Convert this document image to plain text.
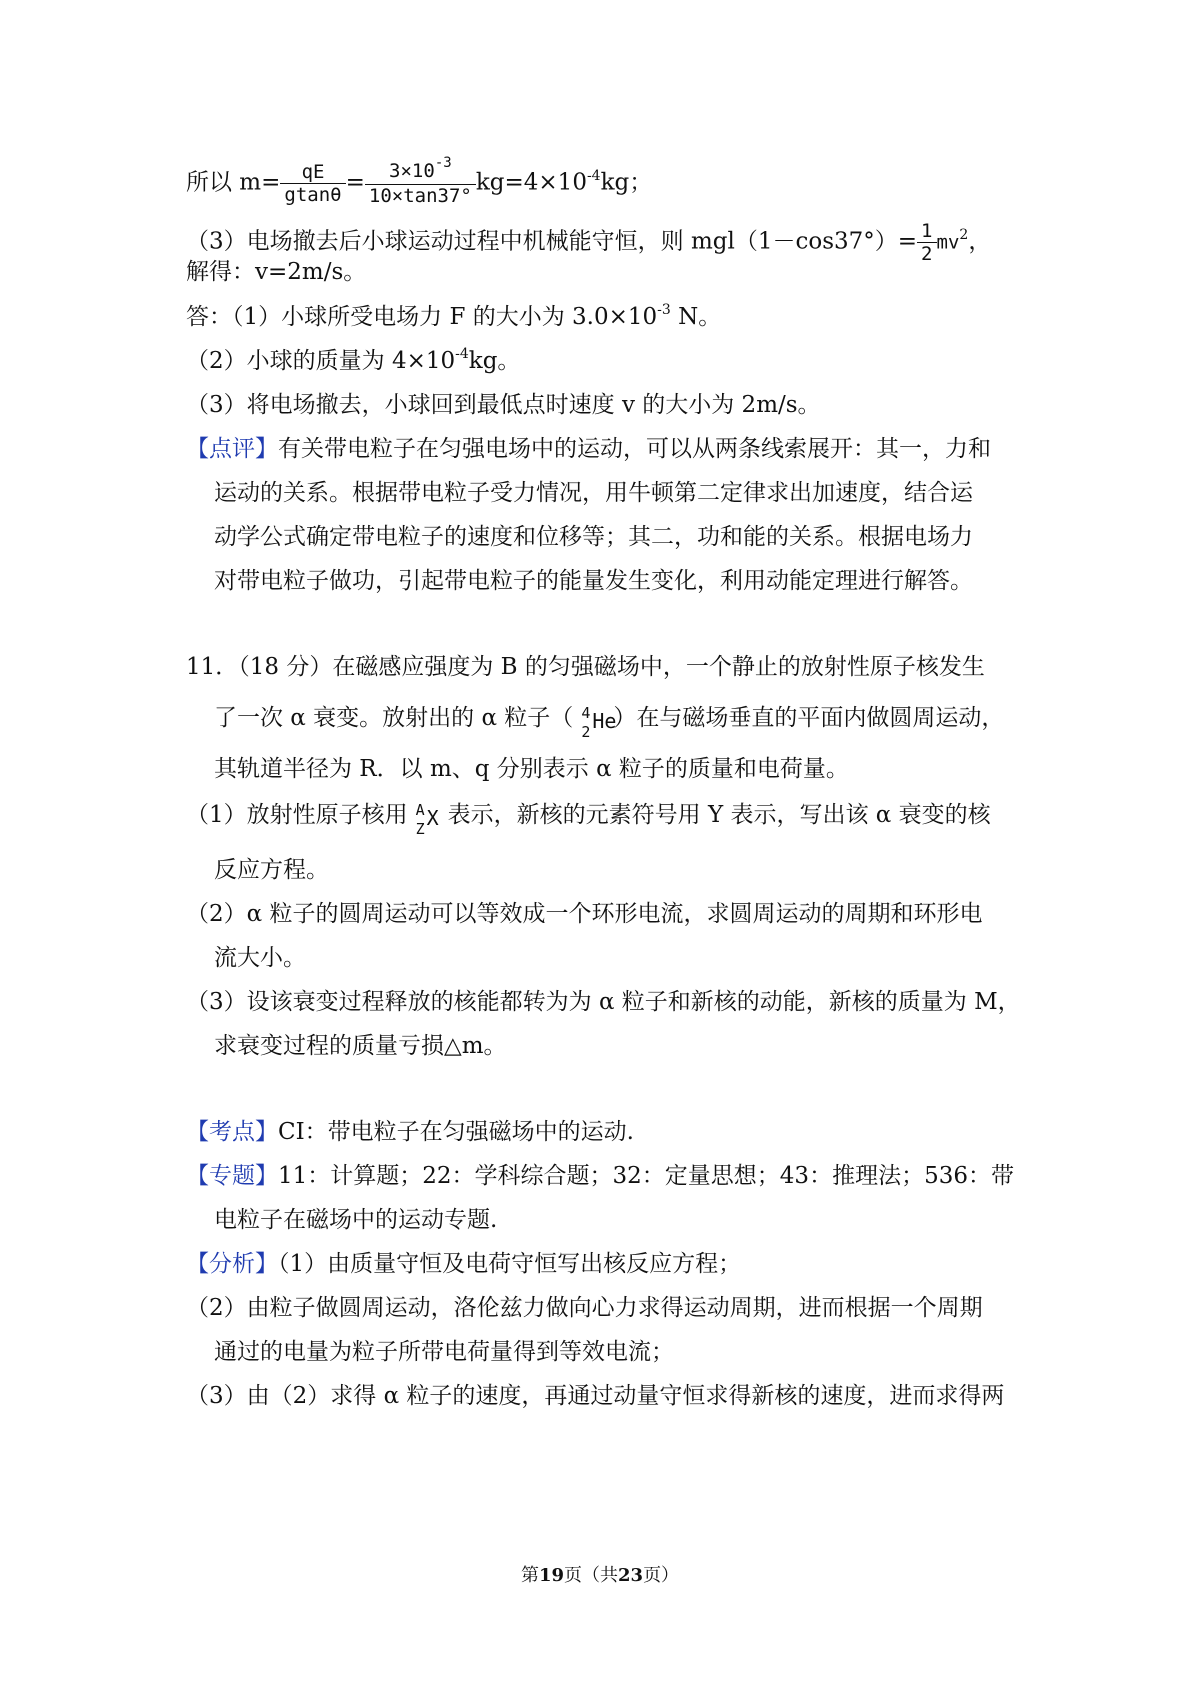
所以 $m= \frac{qE}{gtan\theta} = \frac{3\times 10^{-3}}{10\times\tan 37^\circ} kg=4\times 10^{-4}kg$；
（3）电场撤去后小球运动过程中机械能守恒，则 $mgl(1-\cos 37^\circ)= \frac{1}{2} mv^2$，
解得：v=2m/s。
答：（1）小球所受电场力 F 的大小为 $3.0\times 10^{-3}$ N。
（2）小球的质量为 $4\times 10^{-4}kg$。
（3）将电场撤去，小球回到最低点时速度 v 的大小为 2m/s。
【点评】有关带电粒子在匀强电场中的运动，可以从两条线索展开：其一，力和
运动的关系。根据带电粒子受力情况，用牛顿第二定律求出加速度，结合运
动学公式确定带电粒子的速度和位移等；其二，功和能的关系。根据电场力
对带电粒子做功，引起带电粒子的能量发生变化，利用动能定理进行解答。
11．（18 分）在磁感应强度为 B 的匀强磁场中，一个静止的放射性原子核发生
了一次 α 衰变。放射出的 α 粒子（ 4
2 He
）在与磁场垂直的平面内做圆周运动，
其轨道半径为 R．以 m、q 分别表示 α 粒子的质量和电荷量。
（1）放射性原子核用 A
Z X 表示，新核的元素符号用 Y 表示，写出该 α 衰变的核
反应方程。
（2）α 粒子的圆周运动可以等效成一个环形电流，求圆周运动的周期和环形电
流大小。
（3）设该衰变过程释放的核能都转为为 α 粒子和新核的动能，新核的质量为 M，
求衰变过程的质量亏损△m。
【考点】CI：带电粒子在匀强磁场中的运动.
【专题】11：计算题；22：学科综合题；32：定量思想；43：推理法；536：带
电粒子在磁场中的运动专题.
【分析】（1）由质量守恒及电荷守恒写出核反应方程；
（2）由粒子做圆周运动，洛伦兹力做向心力求得运动周期，进而根据一个周期
通过的电量为粒子所带电荷量得到等效电流；
（3）由（2）求得 α 粒子的速度，再通过动量守恒求得新核的速度，进而求得两
第19页（共23页）
